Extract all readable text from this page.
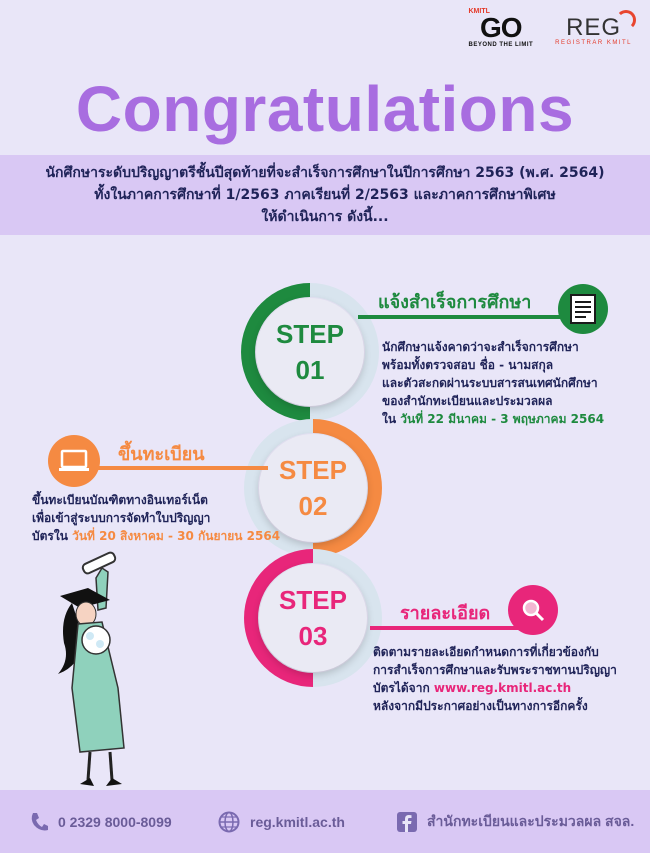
KMITL
GO
BEYOND THE LIMIT
REG
REGISTRAR KMITL
Congratulations
นักศึกษาระดับปริญญาตรีชั้นปีสุดท้ายที่จะสำเร็จการศึกษาในปีการศึกษา 2563 (พ.ศ. 2564)
ทั้งในภาคการศึกษาที่ 1/2563 ภาคเรียนที่ 2/2563 และภาคการศึกษาพิเศษ
ให้ดำเนินการ ดังนี้...
STEP
01
แจ้งสำเร็จการศึกษา

นักศึกษาแจ้งคาดว่าจะสำเร็จการศึกษา

พร้อมทั้งตรวจสอบ ชื่อ - นามสกุล

และตัวสะกดผ่านระบบสารสนเทศนักศึกษา

ของสำนักทะเบียนและประมวลผล

ใน วันที่ 22 มีนาคม - 3 พฤษภาคม 2564

STEP
02
ขึ้นทะเบียน

ขึ้นทะเบียนบัณฑิตทางอินเทอร์เน็ต

เพื่อเข้าสู่ระบบการจัดทำใบปริญญา

บัตรใน วันที่ 20 สิงหาคม - 30 กันยายน 2564

STEP
03
รายละเอียด

ติดตามรายละเอียดกำหนดการที่เกี่ยวข้องกับ

การสำเร็จการศึกษาและรับพระราชทานปริญญา

บัตรได้จาก www.reg.kmitl.ac.th

หลังจากมีประกาศอย่างเป็นทางการอีกครั้ง

0 2329 8000-8099	reg.kmitl.ac.th	สำนักทะเบียนและประมวลผล สจล.
